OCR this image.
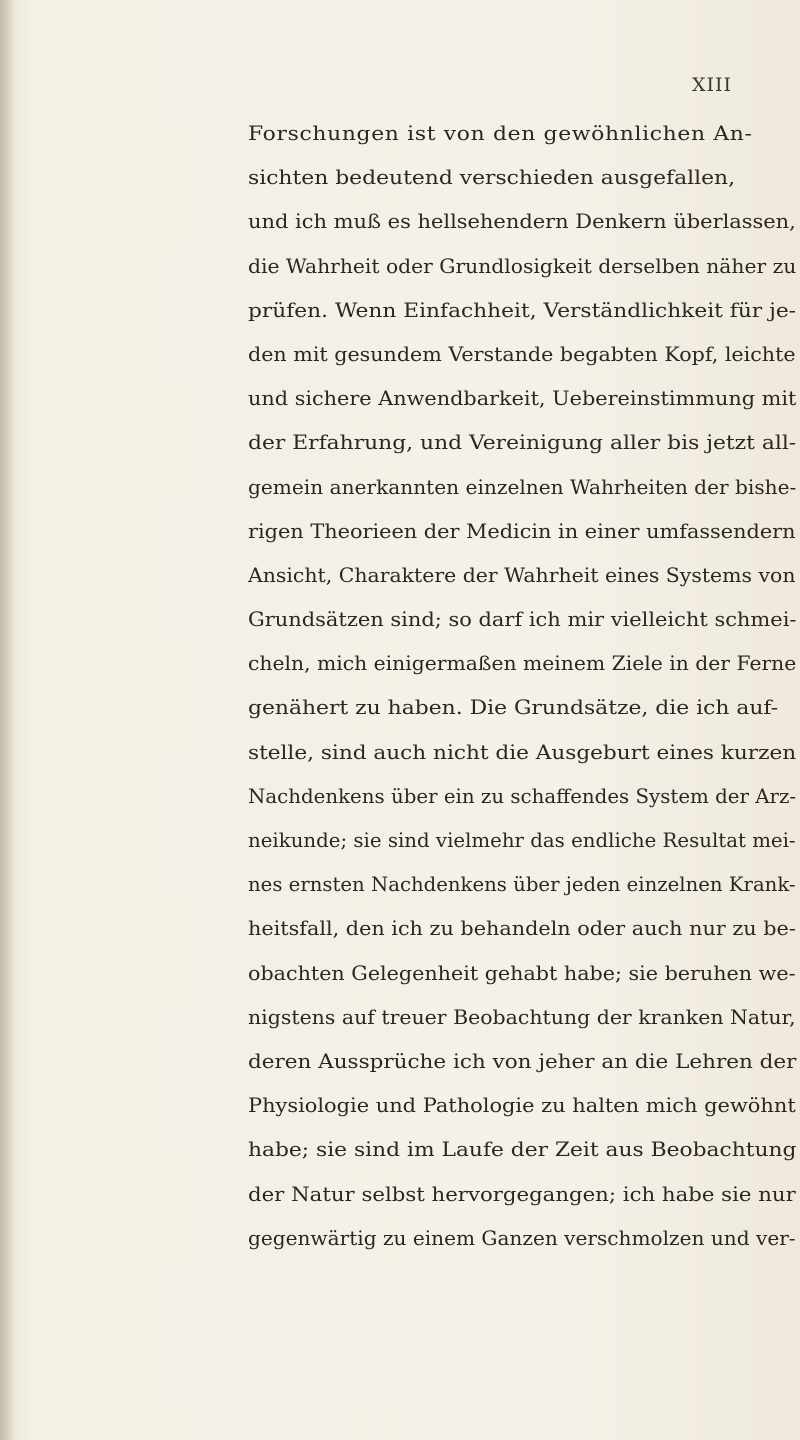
XIII
Forschungen ist von den gewöhnlichen An-
sichten bedeutend verschieden ausgefallen,
und ich muß es hellsehendern Denkern überlassen,
die Wahrheit oder Grundlosigkeit derselben näher zu
prüfen. Wenn Einfachheit, Verständlichkeit für je-
den mit gesundem Verstande begabten Kopf, leichte
und sichere Anwendbarkeit, Uebereinstimmung mit
der Erfahrung, und Vereinigung aller bis jetzt all-
gemein anerkannten einzelnen Wahrheiten der bishe-
rigen Theorieen der Medicin in einer umfassendern
Ansicht, Charaktere der Wahrheit eines Systems von
Grundsätzen sind; so darf ich mir vielleicht schmei-
cheln, mich einigermaßen meinem Ziele in der Ferne
genähert zu haben. Die Grundsätze, die ich auf-
stelle, sind auch nicht die Ausgeburt eines kurzen
Nachdenkens über ein zu schaffendes System der Arz-
neikunde; sie sind vielmehr das endliche Resultat mei-
nes ernsten Nachdenkens über jeden einzelnen Krank-
heitsfall, den ich zu behandeln oder auch nur zu be-
obachten Gelegenheit gehabt habe; sie beruhen we-
nigstens auf treuer Beobachtung der kranken Natur,
deren Aussprüche ich von jeher an die Lehren der
Physiologie und Pathologie zu halten mich gewöhnt
habe; sie sind im Laufe der Zeit aus Beobachtung
der Natur selbst hervorgegangen; ich habe sie nur
gegenwärtig zu einem Ganzen verschmolzen und ver-
